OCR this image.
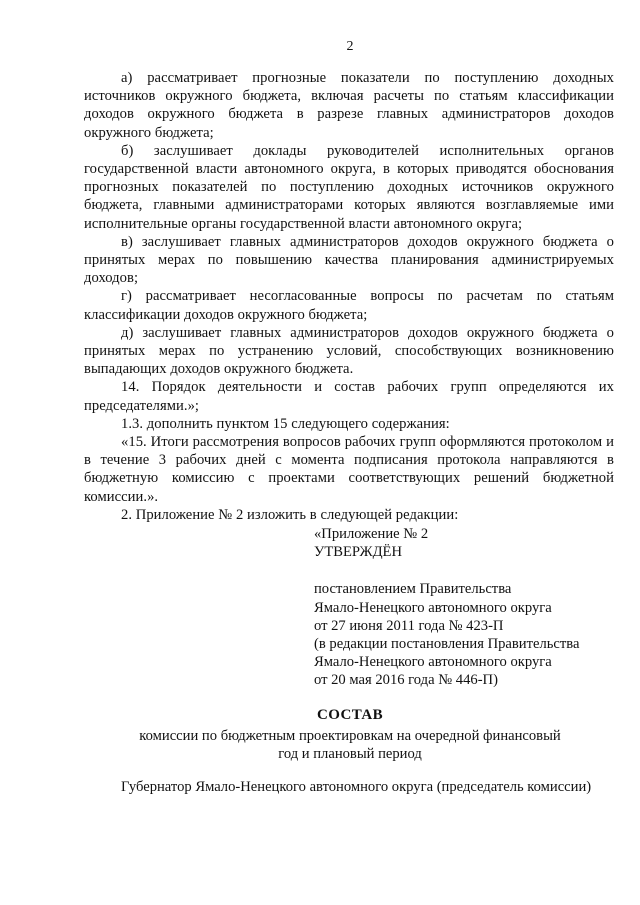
2

а) рассматривает прогнозные показатели по поступлению доходных источников окружного бюджета, включая расчеты по статьям классификации доходов окружного бюджета в разрезе главных администраторов доходов окружного бюджета;

б) заслушивает доклады руководителей исполнительных органов государственной власти автономного округа, в которых приводятся обоснования прогнозных показателей по поступлению доходных источников окружного бюджета, главными администраторами которых являются возглавляемые ими исполнительные органы государственной власти автономного округа;

в) заслушивает главных администраторов доходов окружного бюджета о принятых мерах по повышению качества планирования администрируемых доходов;

г) рассматривает несогласованные вопросы по расчетам по статьям классификации доходов окружного бюджета;

д) заслушивает главных администраторов доходов окружного бюджета о принятых мерах по устранению условий, способствующих возникновению выпадающих доходов окружного бюджета.

14. Порядок деятельности и состав рабочих групп определяются их председателями.»;

1.3. дополнить пунктом 15 следующего содержания:

«15. Итоги рассмотрения вопросов рабочих групп оформляются протоколом и в течение 3 рабочих дней с момента подписания протокола направляются в бюджетную комиссию с проектами соответствующих решений бюджетной комиссии.».

2. Приложение № 2 изложить в следующей редакции:

«Приложение № 2

УТВЕРЖДЁН

постановлением Правительства

Ямало-Ненецкого автономного округа

от 27 июня 2011 года № 423-П

(в редакции постановления Правительства

Ямало-Ненецкого автономного округа

от 20 мая 2016 года № 446-П)

СОСТАВ

комиссии по бюджетным проектировкам на очередной финансовый

год и плановый период

Губернатор Ямало-Ненецкого автономного округа (председатель комиссии)
